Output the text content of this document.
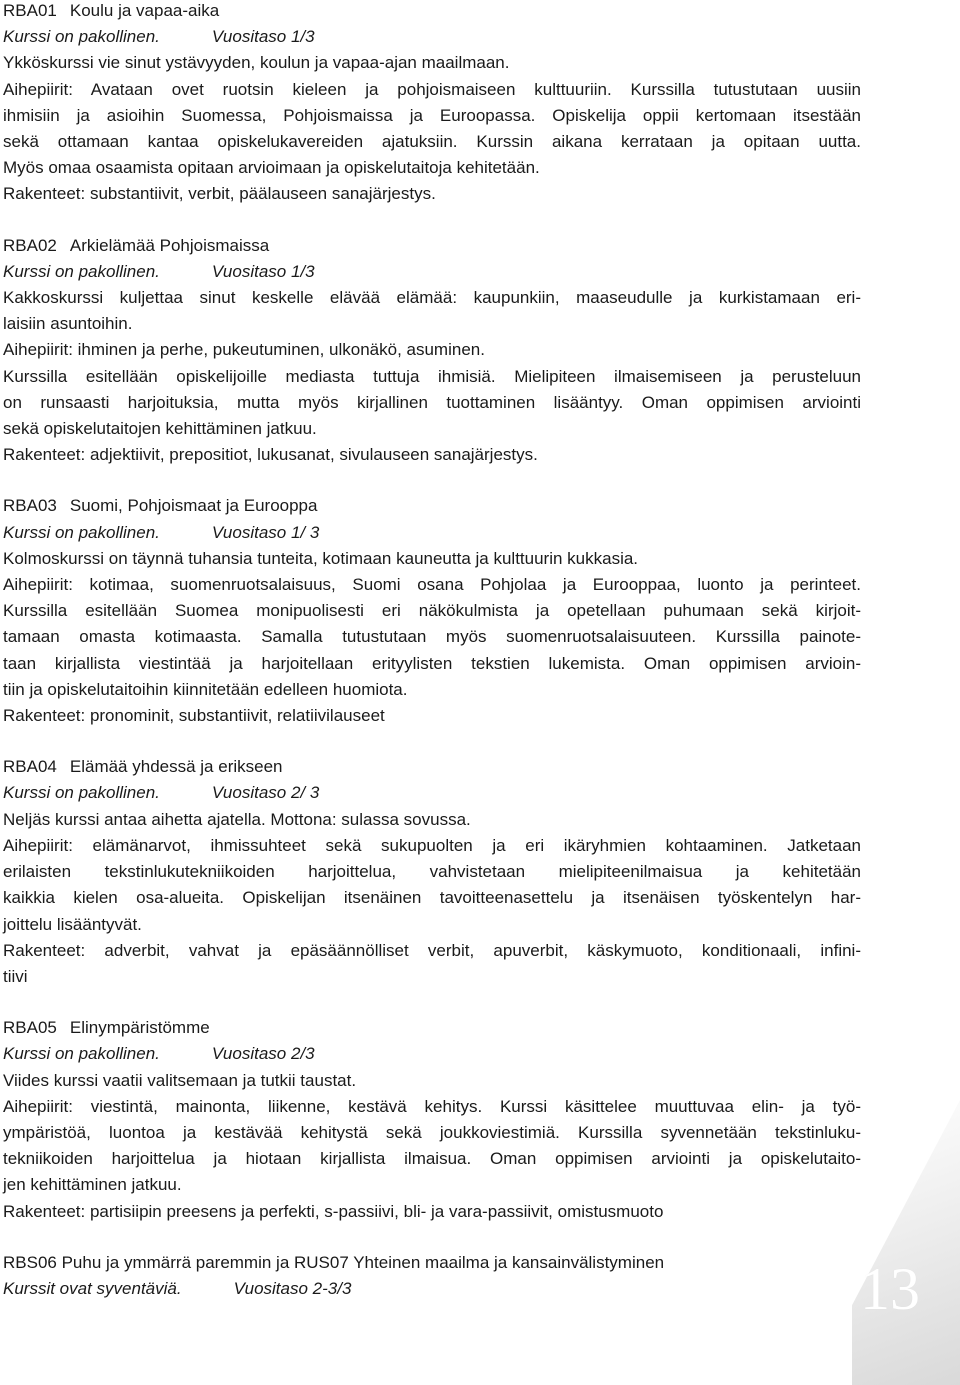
RBA01 Koulu ja vapaa-aika
Kurssi on pakollinen.	Vuositaso 1/3
Ykköskurssi vie sinut ystävyyden, koulun ja vapaa-ajan maailmaan.
Aihepiirit: Avataan ovet ruotsin kieleen ja pohjoismaiseen kulttuuriin. Kurssilla tutustutaan uusiin
ihmisiin ja asioihin Suomessa, Pohjoismaissa ja Euroopassa. Opiskelija oppii kertomaan itsestään
sekä ottamaan kantaa opiskelukavereiden ajatuksiin. Kurssin aikana kerrataan ja opitaan uutta.
Myös omaa osaamista opitaan arvioimaan ja opiskelutaitoja kehitetään.
Rakenteet: substantiivit, verbit, päälauseen sanajärjestys.
RBA02 Arkielämää Pohjoismaissa
Kurssi on pakollinen.	Vuositaso 1/3
Kakkoskurssi kuljettaa sinut keskelle elävää elämää: kaupunkiin, maaseudulle ja kurkistamaan eri-
laisiin asuntoihin.
Aihepiirit: ihminen ja perhe, pukeutuminen, ulkonäkö, asuminen.
Kurssilla esitellään opiskelijoille mediasta tuttuja ihmisiä. Mielipiteen ilmaisemiseen ja perusteluun
on runsaasti harjoituksia, mutta myös kirjallinen tuottaminen lisääntyy. Oman oppimisen arviointi
sekä opiskelutaitojen kehittäminen jatkuu.
Rakenteet: adjektiivit, prepositiot, lukusanat, sivulauseen sanajärjestys.
RBA03 Suomi, Pohjoismaat ja Eurooppa
Kurssi on pakollinen.	Vuositaso 1/ 3
Kolmoskurssi on täynnä tuhansia tunteita, kotimaan kauneutta ja kulttuurin kukkasia.
Aihepiirit: kotimaa, suomenruotsalaisuus, Suomi osana Pohjolaa ja Eurooppaa, luonto ja perinteet.
Kurssilla esitellään Suomea monipuolisesti eri näkökulmista ja opetellaan puhumaan sekä kirjoit-
tamaan omasta kotimaasta. Samalla tutustutaan myös suomenruotsalaisuuteen. Kurssilla painote-
taan kirjallista viestintää ja harjoitellaan erityylisten tekstien lukemista. Oman oppimisen arvioin-
tiin ja opiskelutaitoihin kiinnitetään edelleen huomiota.
Rakenteet: pronominit, substantiivit, relatiivilauseet
RBA04 Elämää yhdessä ja erikseen
Kurssi on pakollinen.	Vuositaso 2/ 3
Neljäs kurssi antaa aihetta ajatella. Mottona: sulassa sovussa.
Aihepiirit: elämänarvot, ihmissuhteet sekä sukupuolten ja eri ikäryhmien kohtaaminen. Jatketaan
erilaisten tekstinlukutekniikoiden harjoittelua, vahvistetaan mielipiteenilmaisua ja kehitetään
kaikkia kielen osa-alueita. Opiskelijan itsenäinen tavoitteenasettelu ja itsenäisen työskentelyn har-
joittelu lisääntyvät.
Rakenteet: adverbit, vahvat ja epäsäännölliset verbit, apuverbit, käskymuoto, konditionaali, infini-
tiivi
RBA05 Elinympäristömme
Kurssi on pakollinen.	Vuositaso 2/3
Viides kurssi vaatii valitsemaan ja tutkii taustat.
Aihepiirit: viestintä, mainonta, liikenne, kestävä kehitys. Kurssi käsittelee muuttuvaa elin- ja työ-
ympäristöä, luontoa ja kestävää kehitystä sekä joukkoviestimiä. Kurssilla syvennetään tekstinluku-
tekniikoiden harjoittelua ja hiotaan kirjallista ilmaisua. Oman oppimisen arviointi ja opiskelutaito-
jen kehittäminen jatkuu.
Rakenteet: partisiipin preesens ja perfekti, s-passiivi, bli- ja vara-passiivit, omistusmuoto
RBS06 Puhu ja ymmärrä paremmin ja RUS07 Yhteinen maailma ja kansainvälistyminen
Kurssit ovat syventäviä.	Vuositaso 2-3/3	13
